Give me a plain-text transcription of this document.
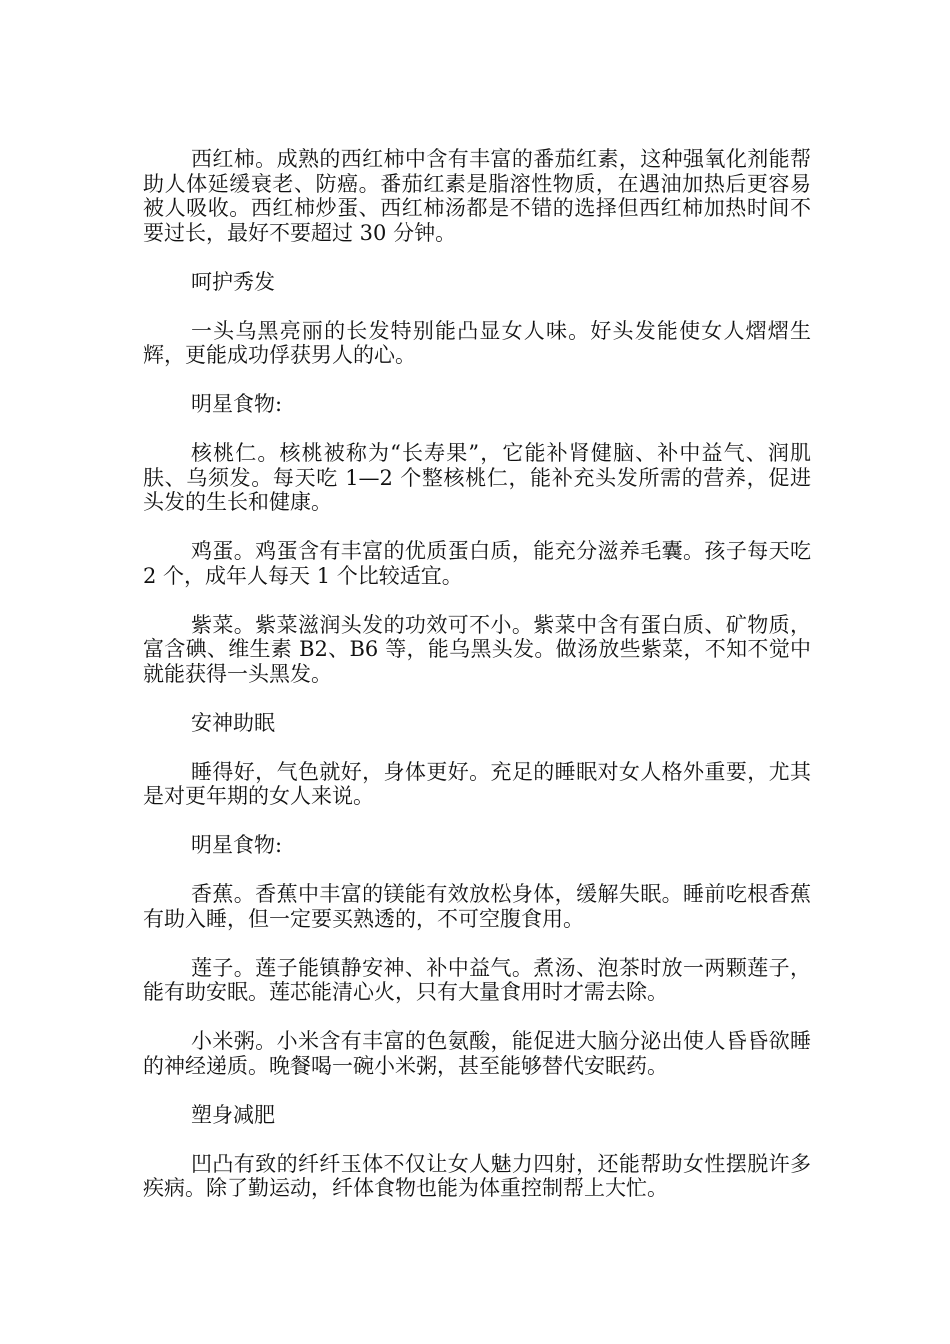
西红柿。成熟的西红柿中含有丰富的番茄红素，这种强氧化剂能帮助人体延缓衰老、防癌。番茄红素是脂溶性物质，在遇油加热后更容易被人吸收。西红柿炒蛋、西红柿汤都是不错的选择但西红柿加热时间不要过长，最好不要超过 30 分钟。

呵护秀发

一头乌黑亮丽的长发特别能凸显女人味。好头发能使女人熠熠生辉，更能成功俘获男人的心。

明星食物:

核桃仁。核桃被称为“长寿果”，它能补肾健脑、补中益气、润肌肤、乌须发。每天吃 1—2 个整核桃仁，能补充头发所需的营养，促进头发的生长和健康。

鸡蛋。鸡蛋含有丰富的优质蛋白质，能充分滋养毛囊。孩子每天吃 2 个，成年人每天 1 个比较适宜。

紫菜。紫菜滋润头发的功效可不小。紫菜中含有蛋白质、矿物质，富含碘、维生素 B2、B6 等，能乌黑头发。做汤放些紫菜，不知不觉中就能获得一头黑发。

安神助眠

睡得好，气色就好，身体更好。充足的睡眠对女人格外重要，尤其是对更年期的女人来说。

明星食物:

香蕉。香蕉中丰富的镁能有效放松身体，缓解失眠。睡前吃根香蕉有助入睡，但一定要买熟透的，不可空腹食用。

莲子。莲子能镇静安神、补中益气。煮汤、泡茶时放一两颗莲子，能有助安眠。莲芯能清心火，只有大量食用时才需去除。

小米粥。小米含有丰富的色氨酸，能促进大脑分泌出使人昏昏欲睡的神经递质。晚餐喝一碗小米粥，甚至能够替代安眠药。

塑身减肥

凹凸有致的纤纤玉体不仅让女人魅力四射，还能帮助女性摆脱许多疾病。除了勤运动，纤体食物也能为体重控制帮上大忙。
